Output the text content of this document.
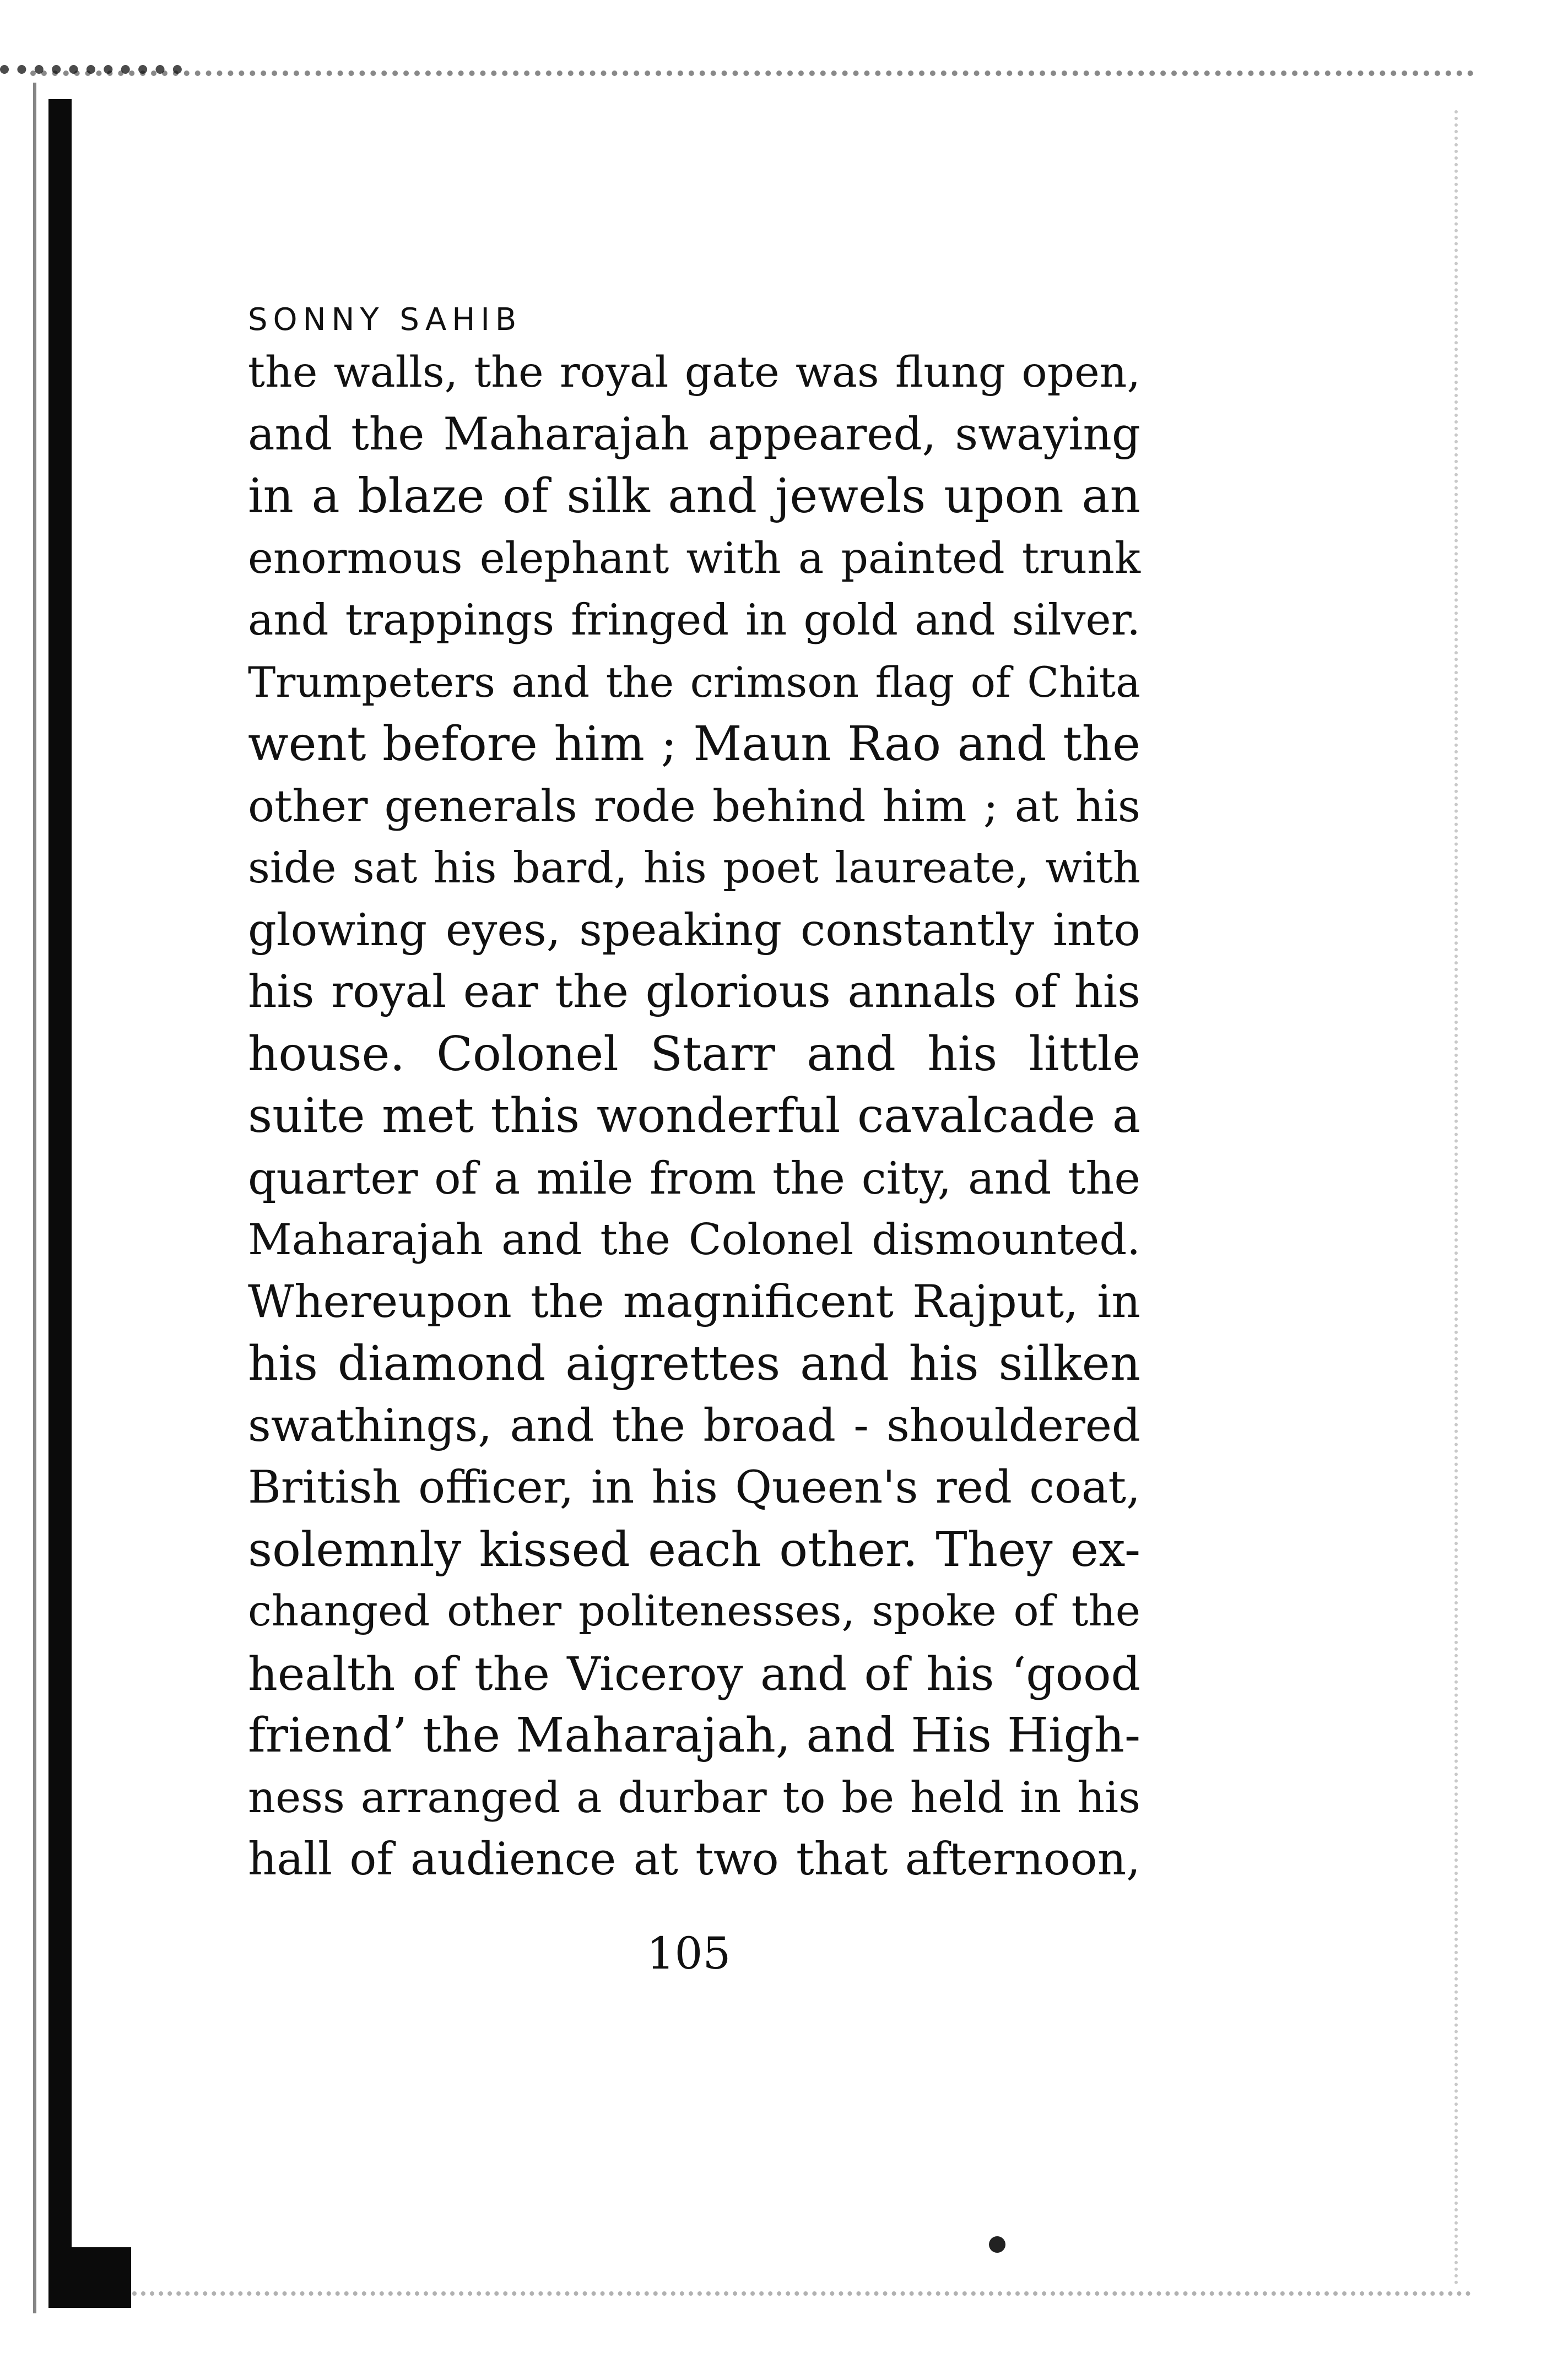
SONNY SAHIB
the walls, the royal gate was flung open,
and the Maharajah appeared, swaying
in a blaze of silk and jewels upon an
enormous elephant with a painted trunk
and trappings fringed in gold and silver.
Trumpeters and the crimson flag of Chita
went before him ; Maun Rao and the
other generals rode behind him ; at his
side sat his bard, his poet laureate, with
glowing eyes, speaking constantly into
his royal ear the glorious annals of his
house. Colonel Starr and his little
suite met this wonderful cavalcade a
quarter of a mile from the city, and the
Maharajah and the Colonel dismounted.
Whereupon the magnificent Rajput, in
his diamond aigrettes and his silken
swathings, and the broad - shouldered
British officer, in his Queen's red coat,
solemnly kissed each other. They ex-
changed other politenesses, spoke of the
health of the Viceroy and of his ‘good
friend’ the Maharajah, and His High-
ness arranged a durbar to be held in his
hall of audience at two that afternoon,

105
